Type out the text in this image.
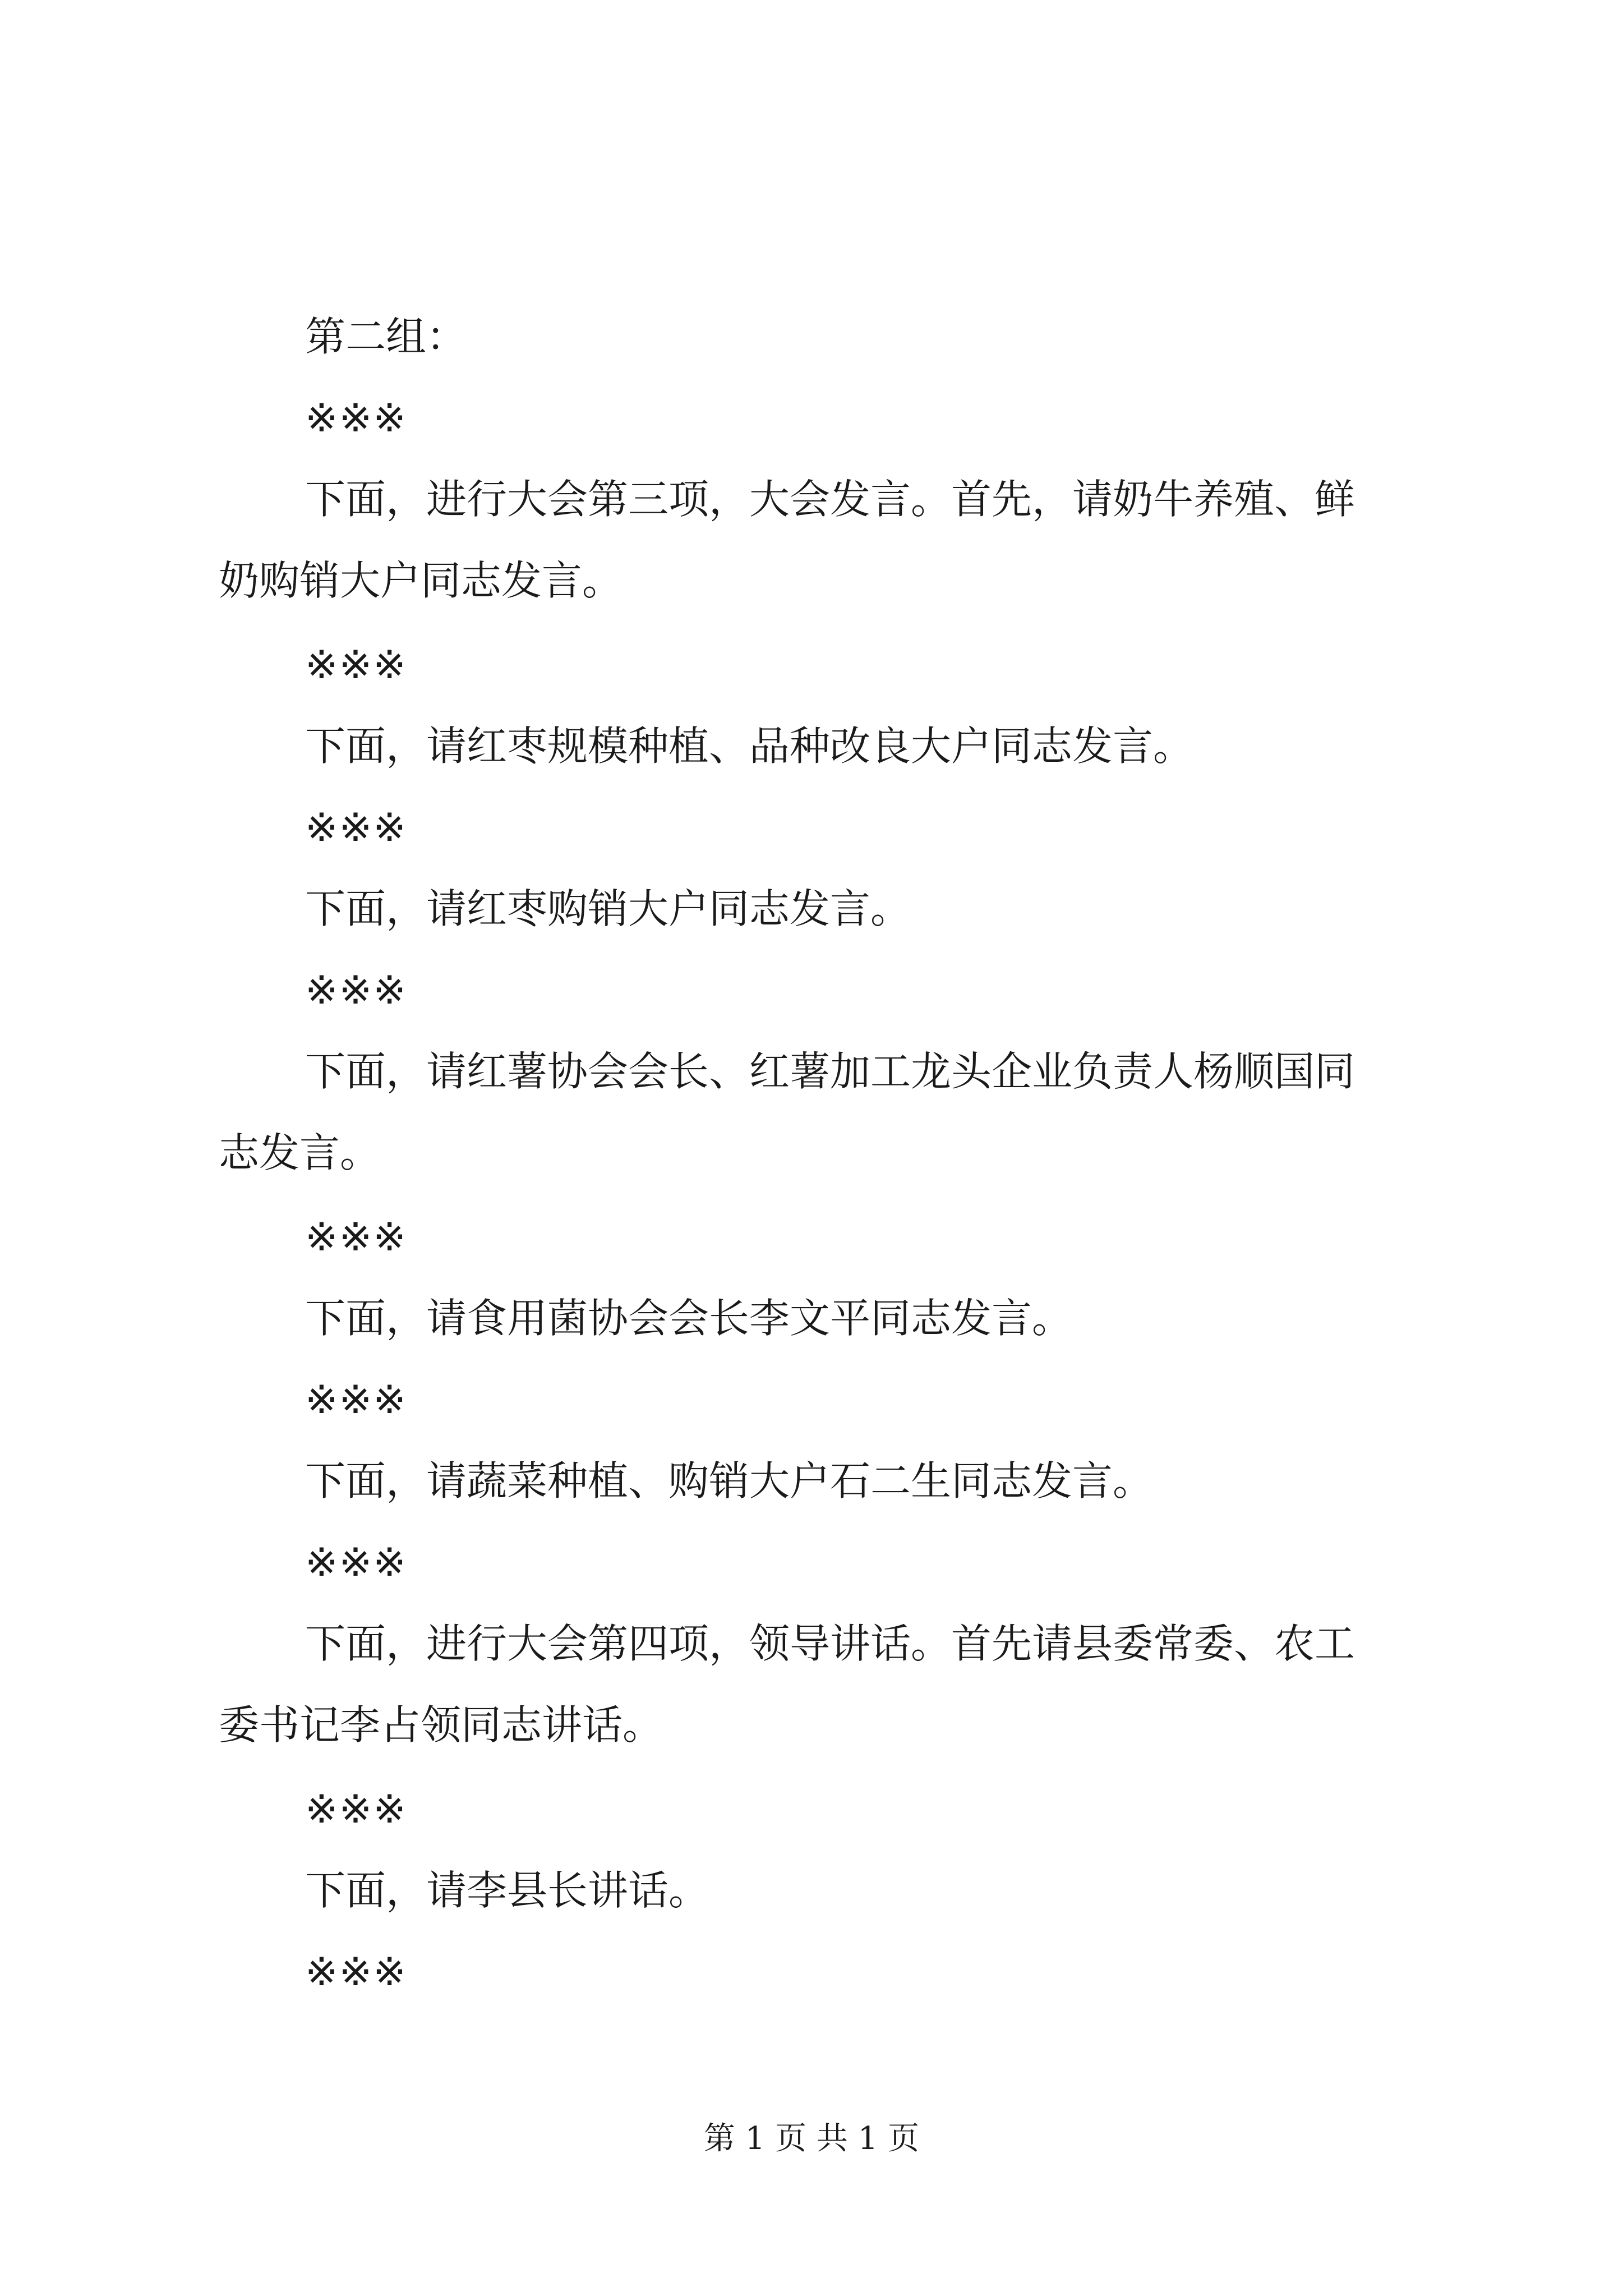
第二组：
※※※
下面，进行大会第三项，大会发言。首先，请奶牛养殖、鲜
奶购销大户同志发言。
※※※
下面，请红枣规模种植、品种改良大户同志发言。
※※※
下面，请红枣购销大户同志发言。
※※※
下面，请红薯协会会长、红薯加工龙头企业负责人杨顺国同
志发言。
※※※
下面，请食用菌协会会长李文平同志发言。
※※※
下面，请蔬菜种植、购销大户石二生同志发言。
※※※
下面，进行大会第四项，领导讲话。首先请县委常委、农工
委书记李占领同志讲话。
※※※
下面，请李县长讲话。
※※※
第 1 页 共 1 页
